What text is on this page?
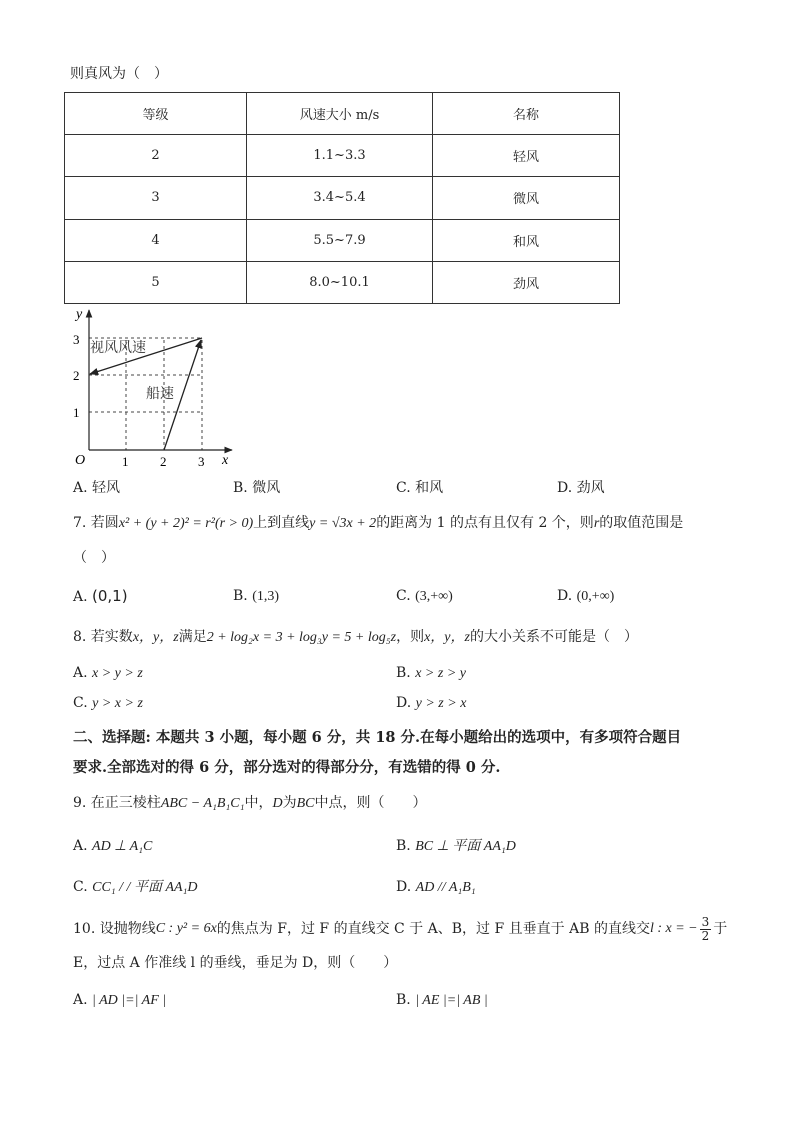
则真风为（　）
等级	风速大小 m/s	名称
2	1.1~3.3	轻风
3	3.4~5.4	微风
4	5.5~7.9	和风
5	8.0~10.1	劲风
y
x
O	1 2 3
1
2
3
视风风速
船速
A. 轻风	B. 微风	C. 和风	D. 劲风
7. 若圆x² + (y + 2)² = r²(r > 0)上到直线y = √3x + 2的距离为 1 的点有且仅有 2 个，则r的取值范围是
（　）
A. (0,1)	B. (1,3)	C. (3,+∞)	D. (0,+∞)
8. 若实数x，y，z满足2 + log₂x = 3 + log₃y = 5 + log₅z，则x，y，z的大小关系不可能是（　）
A. x > y > z	B. x > z > y
C. y > x > z	D. y > z > x
二、选择题: 本题共 3 小题，每小题 6 分，共 18 分.在每小题给出的选项中，有多项符合题目
要求.全部选对的得 6 分，部分选对的得部分分，有选错的得 0 分.
9. 在正三棱柱ABC − A₁B₁C₁中，D为BC中点，则（　　）
A. AD ⊥ A₁C	B. BC ⊥ 平面 AA₁D
C. CC₁ / / 平面 AA₁D	D. AD // A₁B₁
10. 设抛物线 C : y² = 6x 的焦点为 F，过 F 的直线交 C 于 A、B，过 F 且垂直于 AB 的直线交 l : x = − $\frac{3}{2}$ 于
E，过点 A 作准线 l 的垂线，垂足为 D，则（　　）
A. | AD |=| AF |	B. | AE |=| AB |
